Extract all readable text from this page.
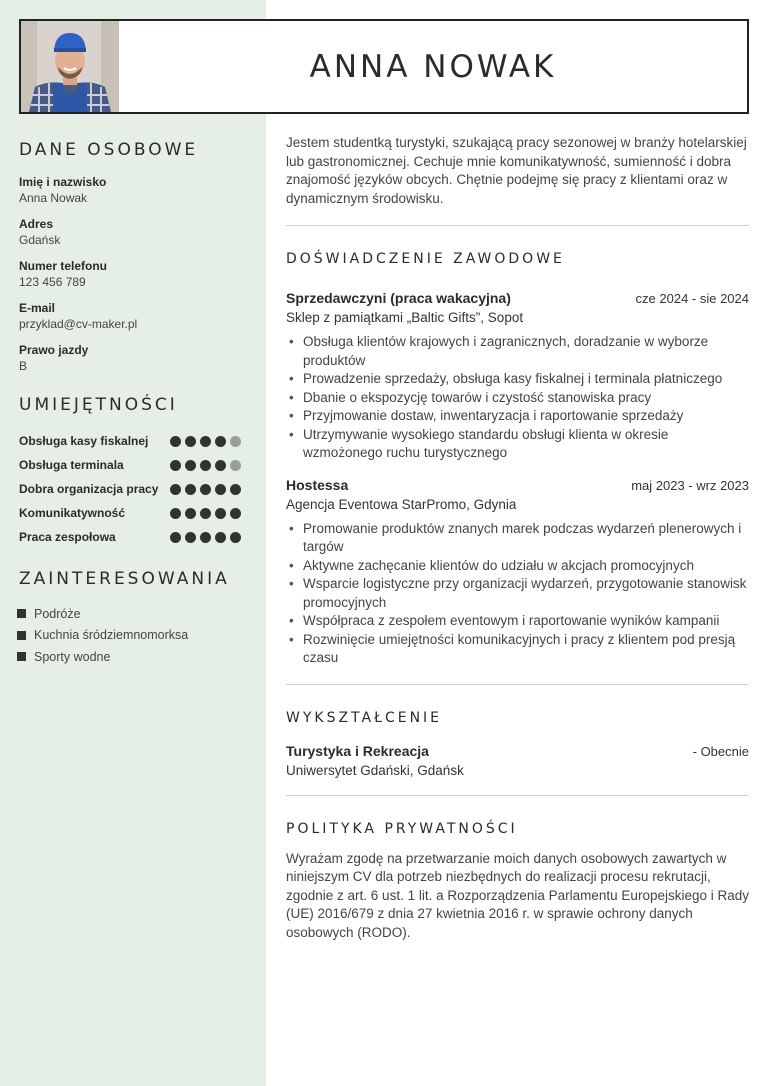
ANNA NOWAK
DANE OSOBOWE
Imię i nazwisko
Anna Nowak
Adres
Gdańsk
Numer telefonu
123 456 789
E-mail
przyklad@cv-maker.pl
Prawo jazdy
B
UMIEJĘTNOŚCI
Obsługa kasy fiskalnej
Obsługa terminala
Dobra organizacja pracy
Komunikatywność
Praca zespołowa
ZAINTERESOWANIA
Podróże
Kuchnia śródziemnomorksa
Sporty wodne

Jestem studentką turystyki, szukającą pracy sezonowej w branży hotelarskiej lub gastronomicznej. Cechuje mnie komunikatywność, sumienność i dobra znajomość języków obcych. Chętnie podejmę się pracy z klientami oraz w dynamicznym środowisku.

DOŚWIADCZENIE ZAWODOWE
Sprzedawczyni (praca wakacyjna)	cze 2024 - sie 2024
Sklep z pamiątkami „Baltic Gifts”, Sopot
• Obsługa klientów krajowych i zagranicznych, doradzanie w wyborze produktów
• Prowadzenie sprzedaży, obsługa kasy fiskalnej i terminala płatniczego
• Dbanie o ekspozycję towarów i czystość stanowiska pracy
• Przyjmowanie dostaw, inwentaryzacja i raportowanie sprzedaży
• Utrzymywanie wysokiego standardu obsługi klienta w okresie wzmożonego ruchu turystycznego
Hostessa	maj 2023 - wrz 2023
Agencja Eventowa StarPromo, Gdynia
• Promowanie produktów znanych marek podczas wydarzeń plenerowych i targów
• Aktywne zachęcanie klientów do udziału w akcjach promocyjnych
• Wsparcie logistyczne przy organizacji wydarzeń, przygotowanie stanowisk promocyjnych
• Współpraca z zespołem eventowym i raportowanie wyników kampanii
• Rozwinięcie umiejętności komunikacyjnych i pracy z klientem pod presją czasu
WYKSZTAŁCENIE
Turystyka i Rekreacja	- Obecnie
Uniwersytet Gdański, Gdańsk
POLITYKA PRYWATNOŚCI

Wyrażam zgodę na przetwarzanie moich danych osobowych zawartych w niniejszym CV dla potrzeb niezbędnych do realizacji procesu rekrutacji, zgodnie z art. 6 ust. 1 lit. a Rozporządzenia Parlamentu Europejskiego i Rady (UE) 2016/679 z dnia 27 kwietnia 2016 r. w sprawie ochrony danych osobowych (RODO).
